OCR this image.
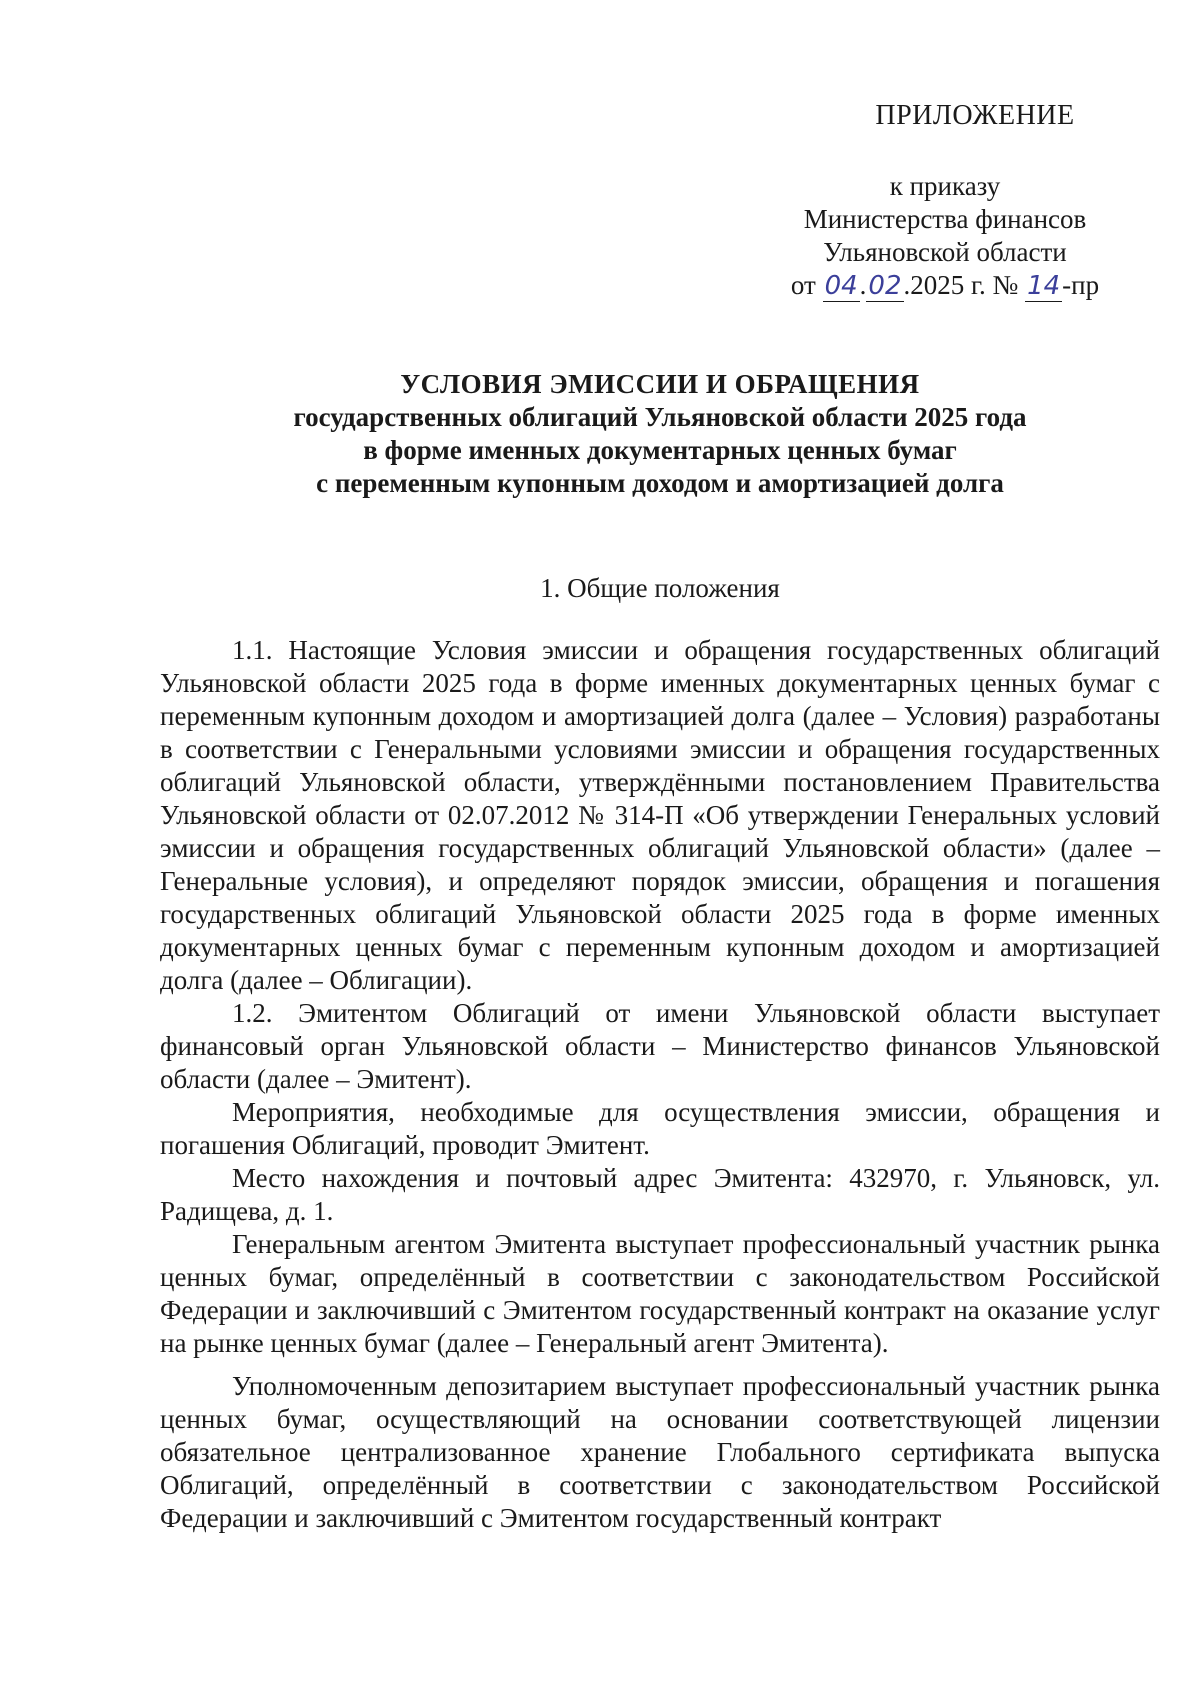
ПРИЛОЖЕНИЕ
к приказу
Министерства финансов
Ульяновской области
от 04.02.2025 г. № 14-пр
УСЛОВИЯ ЭМИССИИ И ОБРАЩЕНИЯ
государственных облигаций Ульяновской области 2025 года
в форме именных документарных ценных бумаг
с переменным купонным доходом и амортизацией долга
1. Общие положения

1.1. Настоящие Условия эмиссии и обращения государственных облигаций Ульяновской области 2025 года в форме именных документарных ценных бумаг с переменным купонным доходом и амортизацией долга (далее – Условия) разработаны в соответствии с Генеральными условиями эмиссии и обращения государственных облигаций Ульяновской области, утверждёнными постановлением Правительства Ульяновской области от 02.07.2012 № 314-П «Об утверждении Генеральных условий эмиссии и обращения государственных облигаций Ульяновской области» (далее – Генеральные условия), и определяют порядок эмиссии, обращения и погашения государственных облигаций Ульяновской области 2025 года в форме именных документарных ценных бумаг с переменным купонным доходом и амортизацией долга (далее – Облигации).

1.2. Эмитентом Облигаций от имени Ульяновской области выступает финансовый орган Ульяновской области – Министерство финансов Ульяновской области (далее – Эмитент).

Мероприятия, необходимые для осуществления эмиссии, обращения и погашения Облигаций, проводит Эмитент.

Место нахождения и почтовый адрес Эмитента: 432970, г. Ульяновск, ул. Радищева, д. 1.

Генеральным агентом Эмитента выступает профессиональный участник рынка ценных бумаг, определённый в соответствии с законодательством Российской Федерации и заключивший с Эмитентом государственный контракт на оказание услуг на рынке ценных бумаг (далее – Генеральный агент Эмитента).

Уполномоченным депозитарием выступает профессиональный участник рынка ценных бумаг, осуществляющий на основании соответствующей лицензии обязательное централизованное хранение Глобального сертификата выпуска Облигаций, определённый в соответствии с законодательством Российской Федерации и заключивший с Эмитентом государственный контракт
